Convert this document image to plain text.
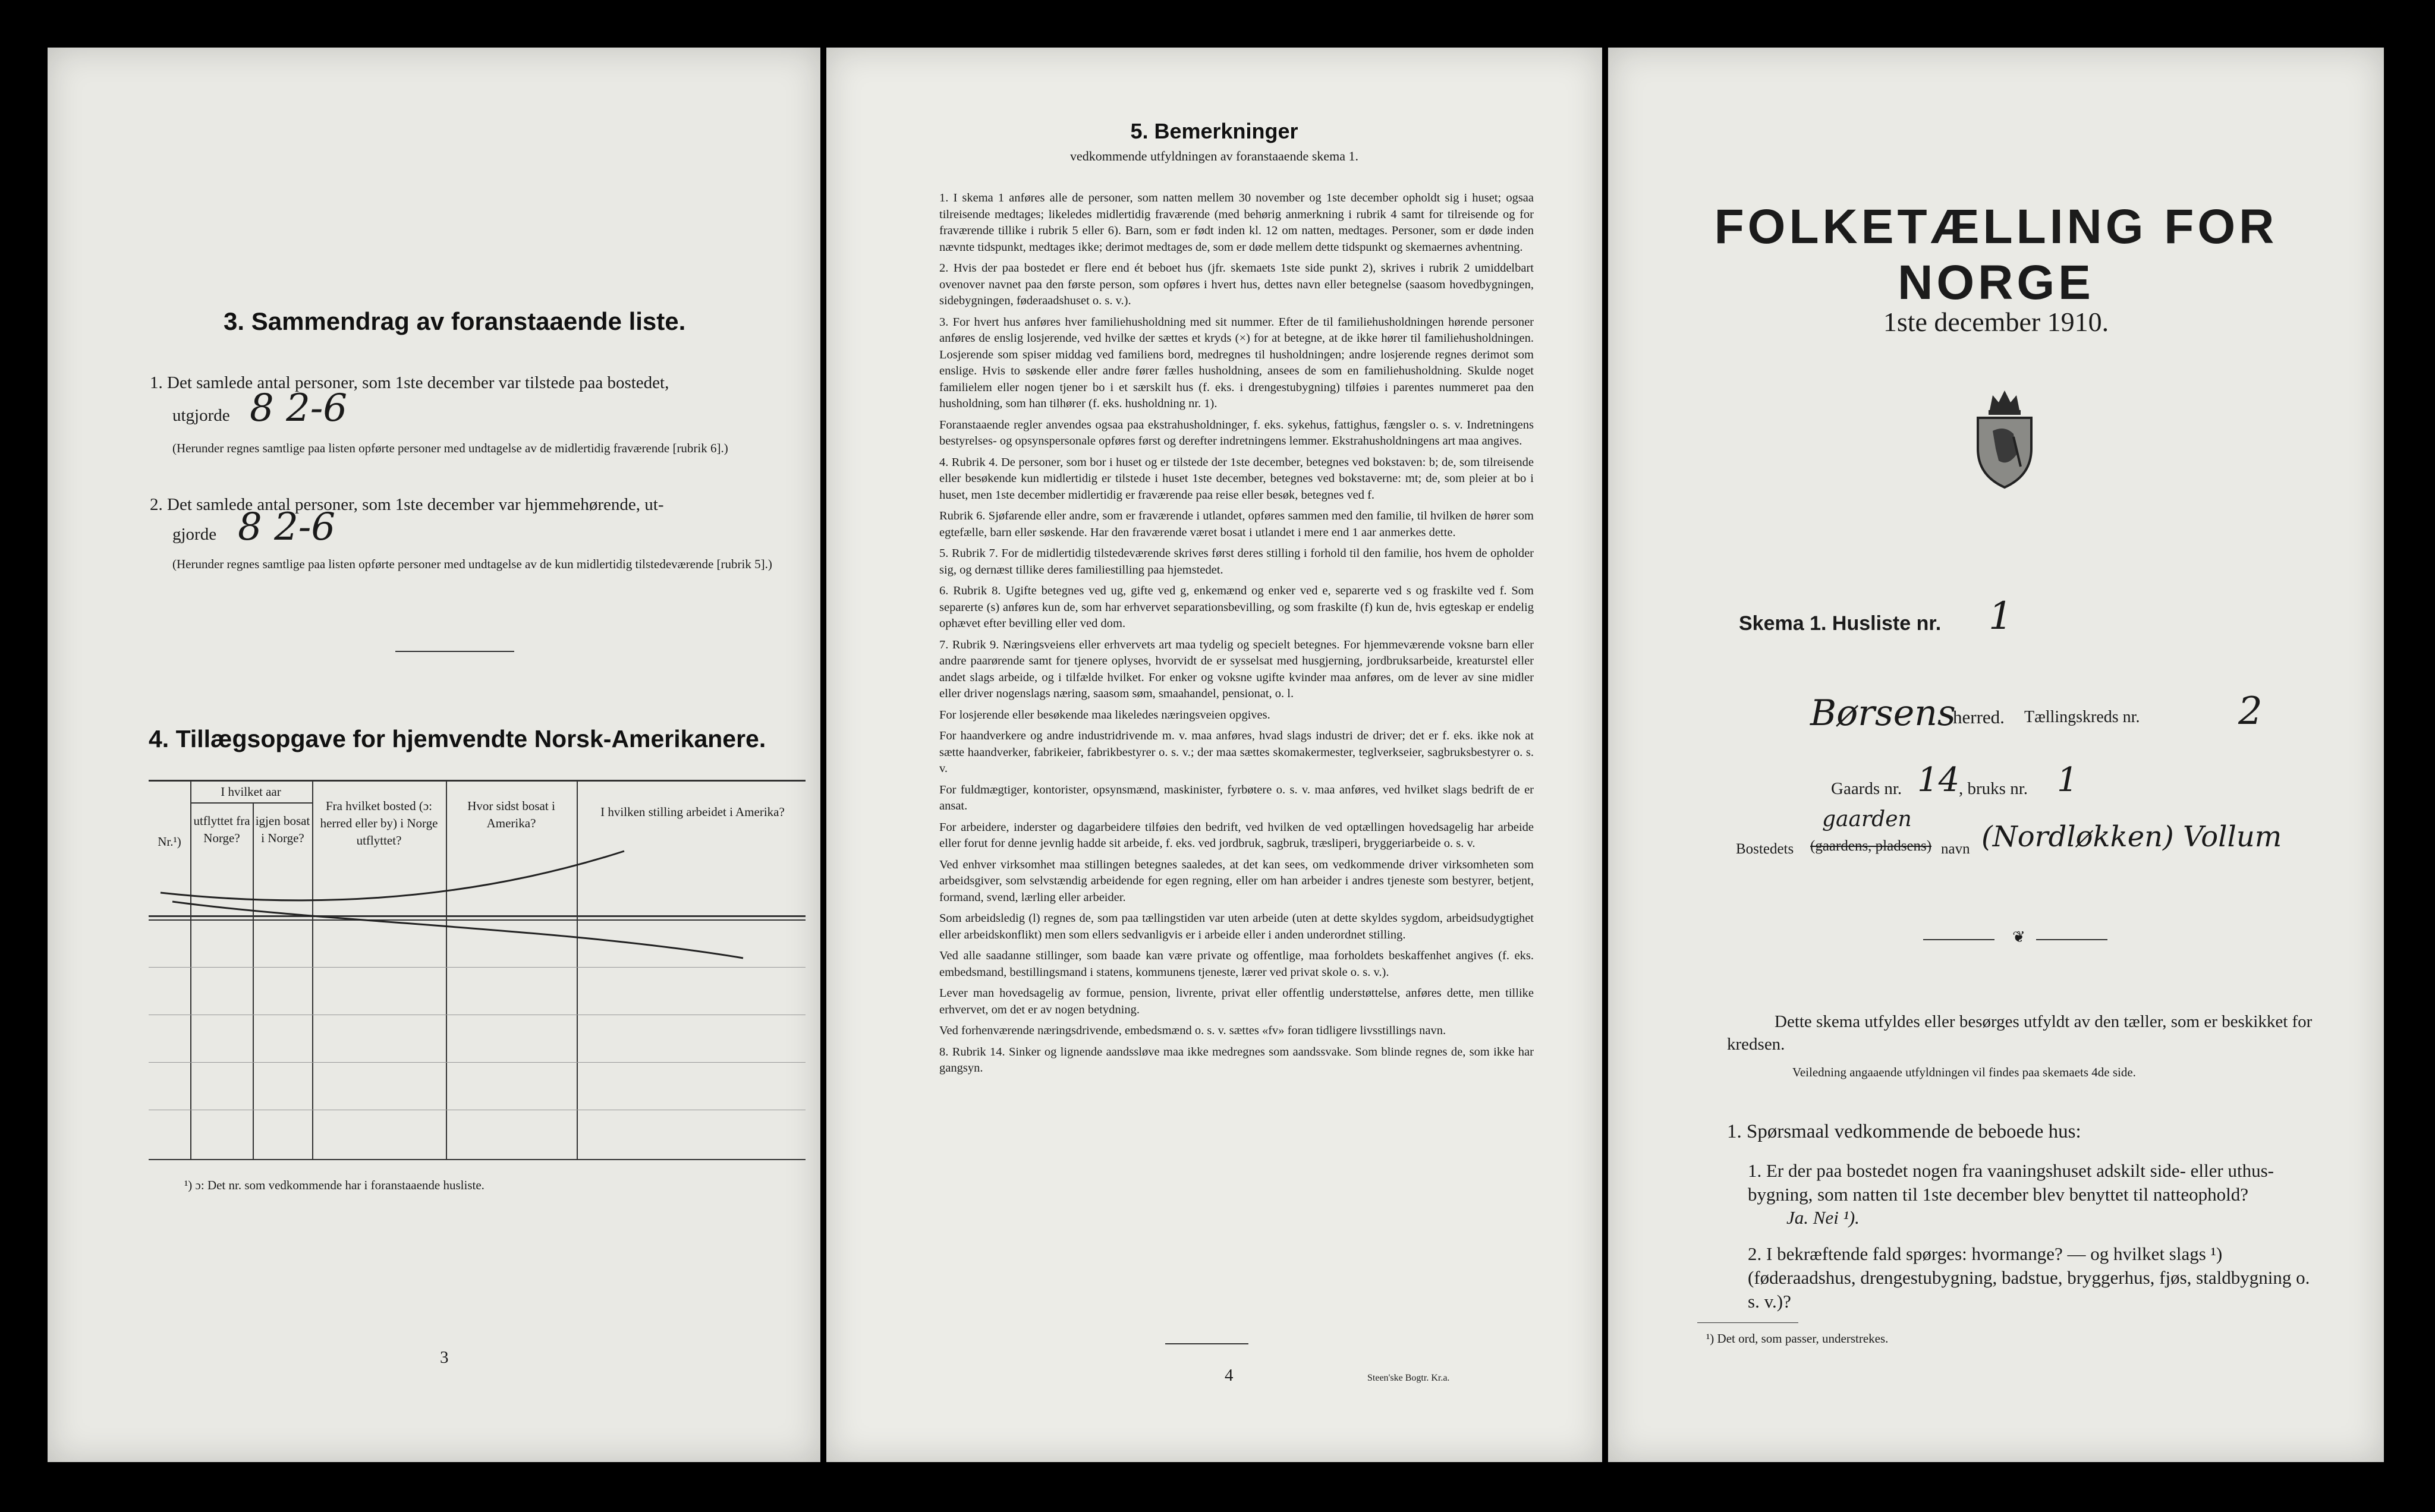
3. Sammendrag av foranstaaende liste.
1. Det samlede antal personer, som 1ste december var tilstede paa bostedet,
utgjorde 8 2-6
(Herunder regnes samtlige paa listen opførte personer med undtagelse av de midlertidig fraværende [rubrik 6].)
2. Det samlede antal personer, som 1ste december var hjemmehørende, ut-
gjorde 8 2-6
(Herunder regnes samtlige paa listen opførte personer med undtagelse av de kun midlertidig tilstedeværende [rubrik 5].)
4. Tillægsopgave for hjemvendte Norsk-Amerikanere.
Nr.¹)
I hvilket aar
utflyttet fra Norge?
igjen bosat i Norge?
Fra hvilket bosted (ɔ: herred eller by) i Norge utflyttet?
Hvor sidst bosat i Amerika?
I hvilken stilling arbeidet i Amerika?
¹) ɔ: Det nr. som vedkommende har i foranstaaende husliste.
3
5. Bemerkninger
vedkommende utfyldningen av foranstaaende skema 1.

1. I skema 1 anføres alle de personer, som natten mellem 30 november og 1ste december opholdt sig i huset; ogsaa tilreisende medtages; likeledes midlertidig fraværende (med behørig anmerkning i rubrik 4 samt for tilreisende og for fraværende tillike i rubrik 5 eller 6). Barn, som er født inden kl. 12 om natten, medtages. Personer, som er døde inden nævnte tidspunkt, medtages ikke; derimot medtages de, som er døde mellem dette tidspunkt og skemaernes avhentning.

2. Hvis der paa bostedet er flere end ét beboet hus (jfr. skemaets 1ste side punkt 2), skrives i rubrik 2 umiddelbart ovenover navnet paa den første person, som opføres i hvert hus, dettes navn eller betegnelse (saasom hovedbygningen, sidebygningen, føderaadshuset o. s. v.).

3. For hvert hus anføres hver familiehusholdning med sit nummer. Efter de til familiehusholdningen hørende personer anføres de enslig losjerende, ved hvilke der sættes et kryds (×) for at betegne, at de ikke hører til familiehusholdningen. Losjerende som spiser middag ved familiens bord, medregnes til husholdningen; andre losjerende regnes derimot som enslige. Hvis to søskende eller andre fører fælles husholdning, ansees de som en familiehusholdning. Skulde noget familielem eller nogen tjener bo i et særskilt hus (f. eks. i drengestubygning) tilføies i parentes nummeret paa den husholdning, som han tilhører (f. eks. husholdning nr. 1).

Foranstaaende regler anvendes ogsaa paa ekstrahusholdninger, f. eks. sykehus, fattighus, fængsler o. s. v. Indretningens bestyrelses- og opsynspersonale opføres først og derefter indretningens lemmer. Ekstrahusholdningens art maa angives.

4. Rubrik 4. De personer, som bor i huset og er tilstede der 1ste december, betegnes ved bokstaven: b; de, som tilreisende eller besøkende kun midlertidig er tilstede i huset 1ste december, betegnes ved bokstaverne: mt; de, som pleier at bo i huset, men 1ste december midlertidig er fraværende paa reise eller besøk, betegnes ved f.

Rubrik 6. Sjøfarende eller andre, som er fraværende i utlandet, opføres sammen med den familie, til hvilken de hører som egtefælle, barn eller søskende. Har den fraværende været bosat i utlandet i mere end 1 aar anmerkes dette.

5. Rubrik 7. For de midlertidig tilstedeværende skrives først deres stilling i forhold til den familie, hos hvem de opholder sig, og dernæst tillike deres familiestilling paa hjemstedet.

6. Rubrik 8. Ugifte betegnes ved ug, gifte ved g, enkemænd og enker ved e, separerte ved s og fraskilte ved f. Som separerte (s) anføres kun de, som har erhvervet separationsbevilling, og som fraskilte (f) kun de, hvis egteskap er endelig ophævet efter bevilling eller ved dom.

7. Rubrik 9. Næringsveiens eller erhvervets art maa tydelig og specielt betegnes. For hjemmeværende voksne barn eller andre paarørende samt for tjenere oplyses, hvorvidt de er sysselsat med husgjerning, jordbruksarbeide, kreaturstel eller andet slags arbeide, og i tilfælde hvilket. For enker og voksne ugifte kvinder maa anføres, om de lever av sine midler eller driver nogenslags næring, saasom søm, smaahandel, pensionat, o. l.

For losjerende eller besøkende maa likeledes næringsveien opgives.

For haandverkere og andre industridrivende m. v. maa anføres, hvad slags industri de driver; det er f. eks. ikke nok at sætte haandverker, fabrikeier, fabrikbestyrer o. s. v.; der maa sættes skomakermester, teglverkseier, sagbruksbestyrer o. s. v.

For fuldmægtiger, kontorister, opsynsmænd, maskinister, fyrbøtere o. s. v. maa anføres, ved hvilket slags bedrift de er ansat.

For arbeidere, inderster og dagarbeidere tilføies den bedrift, ved hvilken de ved optællingen hovedsagelig har arbeide eller forut for denne jevnlig hadde sit arbeide, f. eks. ved jordbruk, sagbruk, træsliperi, bryggeriarbeide o. s. v.

Ved enhver virksomhet maa stillingen betegnes saaledes, at det kan sees, om vedkommende driver virksomheten som arbeidsgiver, som selvstændig arbeidende for egen regning, eller om han arbeider i andres tjeneste som bestyrer, betjent, formand, svend, lærling eller arbeider.

Som arbeidsledig (l) regnes de, som paa tællingstiden var uten arbeide (uten at dette skyldes sygdom, arbeidsudygtighet eller arbeidskonflikt) men som ellers sedvanligvis er i arbeide eller i anden underordnet stilling.

Ved alle saadanne stillinger, som baade kan være private og offentlige, maa forholdets beskaffenhet angives (f. eks. embedsmand, bestillingsmand i statens, kommunens tjeneste, lærer ved privat skole o. s. v.).

Lever man hovedsagelig av formue, pension, livrente, privat eller offentlig understøttelse, anføres dette, men tillike erhvervet, om det er av nogen betydning.

Ved forhenværende næringsdrivende, embedsmænd o. s. v. sættes «fv» foran tidligere livsstillings navn.

8. Rubrik 14. Sinker og lignende aandssløve maa ikke medregnes som aandssvake. Som blinde regnes de, som ikke har gangsyn.

4	Steen'ske Bogtr. Kr.a.
FOLKETÆLLING FOR NORGE
1ste december 1910.
Skema 1. Husliste nr. 1
Børsens
herred. Tællingskreds nr.	2
Gaards nr. 14
, bruks nr. 1
Bostedets (gaardens, pladsens)
gaarden
navn (Nordløkken) Vollum
❦
Dette skema utfyldes eller besørges utfyldt av den tæller, som er beskikket for kredsen.
Veiledning angaaende utfyldningen vil findes paa skemaets 4de side.
1. Spørsmaal vedkommende de beboede hus:
1. Er der paa bostedet nogen fra vaaningshuset adskilt side- eller uthus-bygning, som natten til 1ste december blev benyttet til natteophold?
Ja. Nei ¹).
2. I bekræftende fald spørges: hvormange? — og hvilket slags ¹) (føderaadshus, drengestubygning, badstue, bryggerhus, fjøs, staldbygning o. s. v.)?
¹) Det ord, som passer, understrekes.
